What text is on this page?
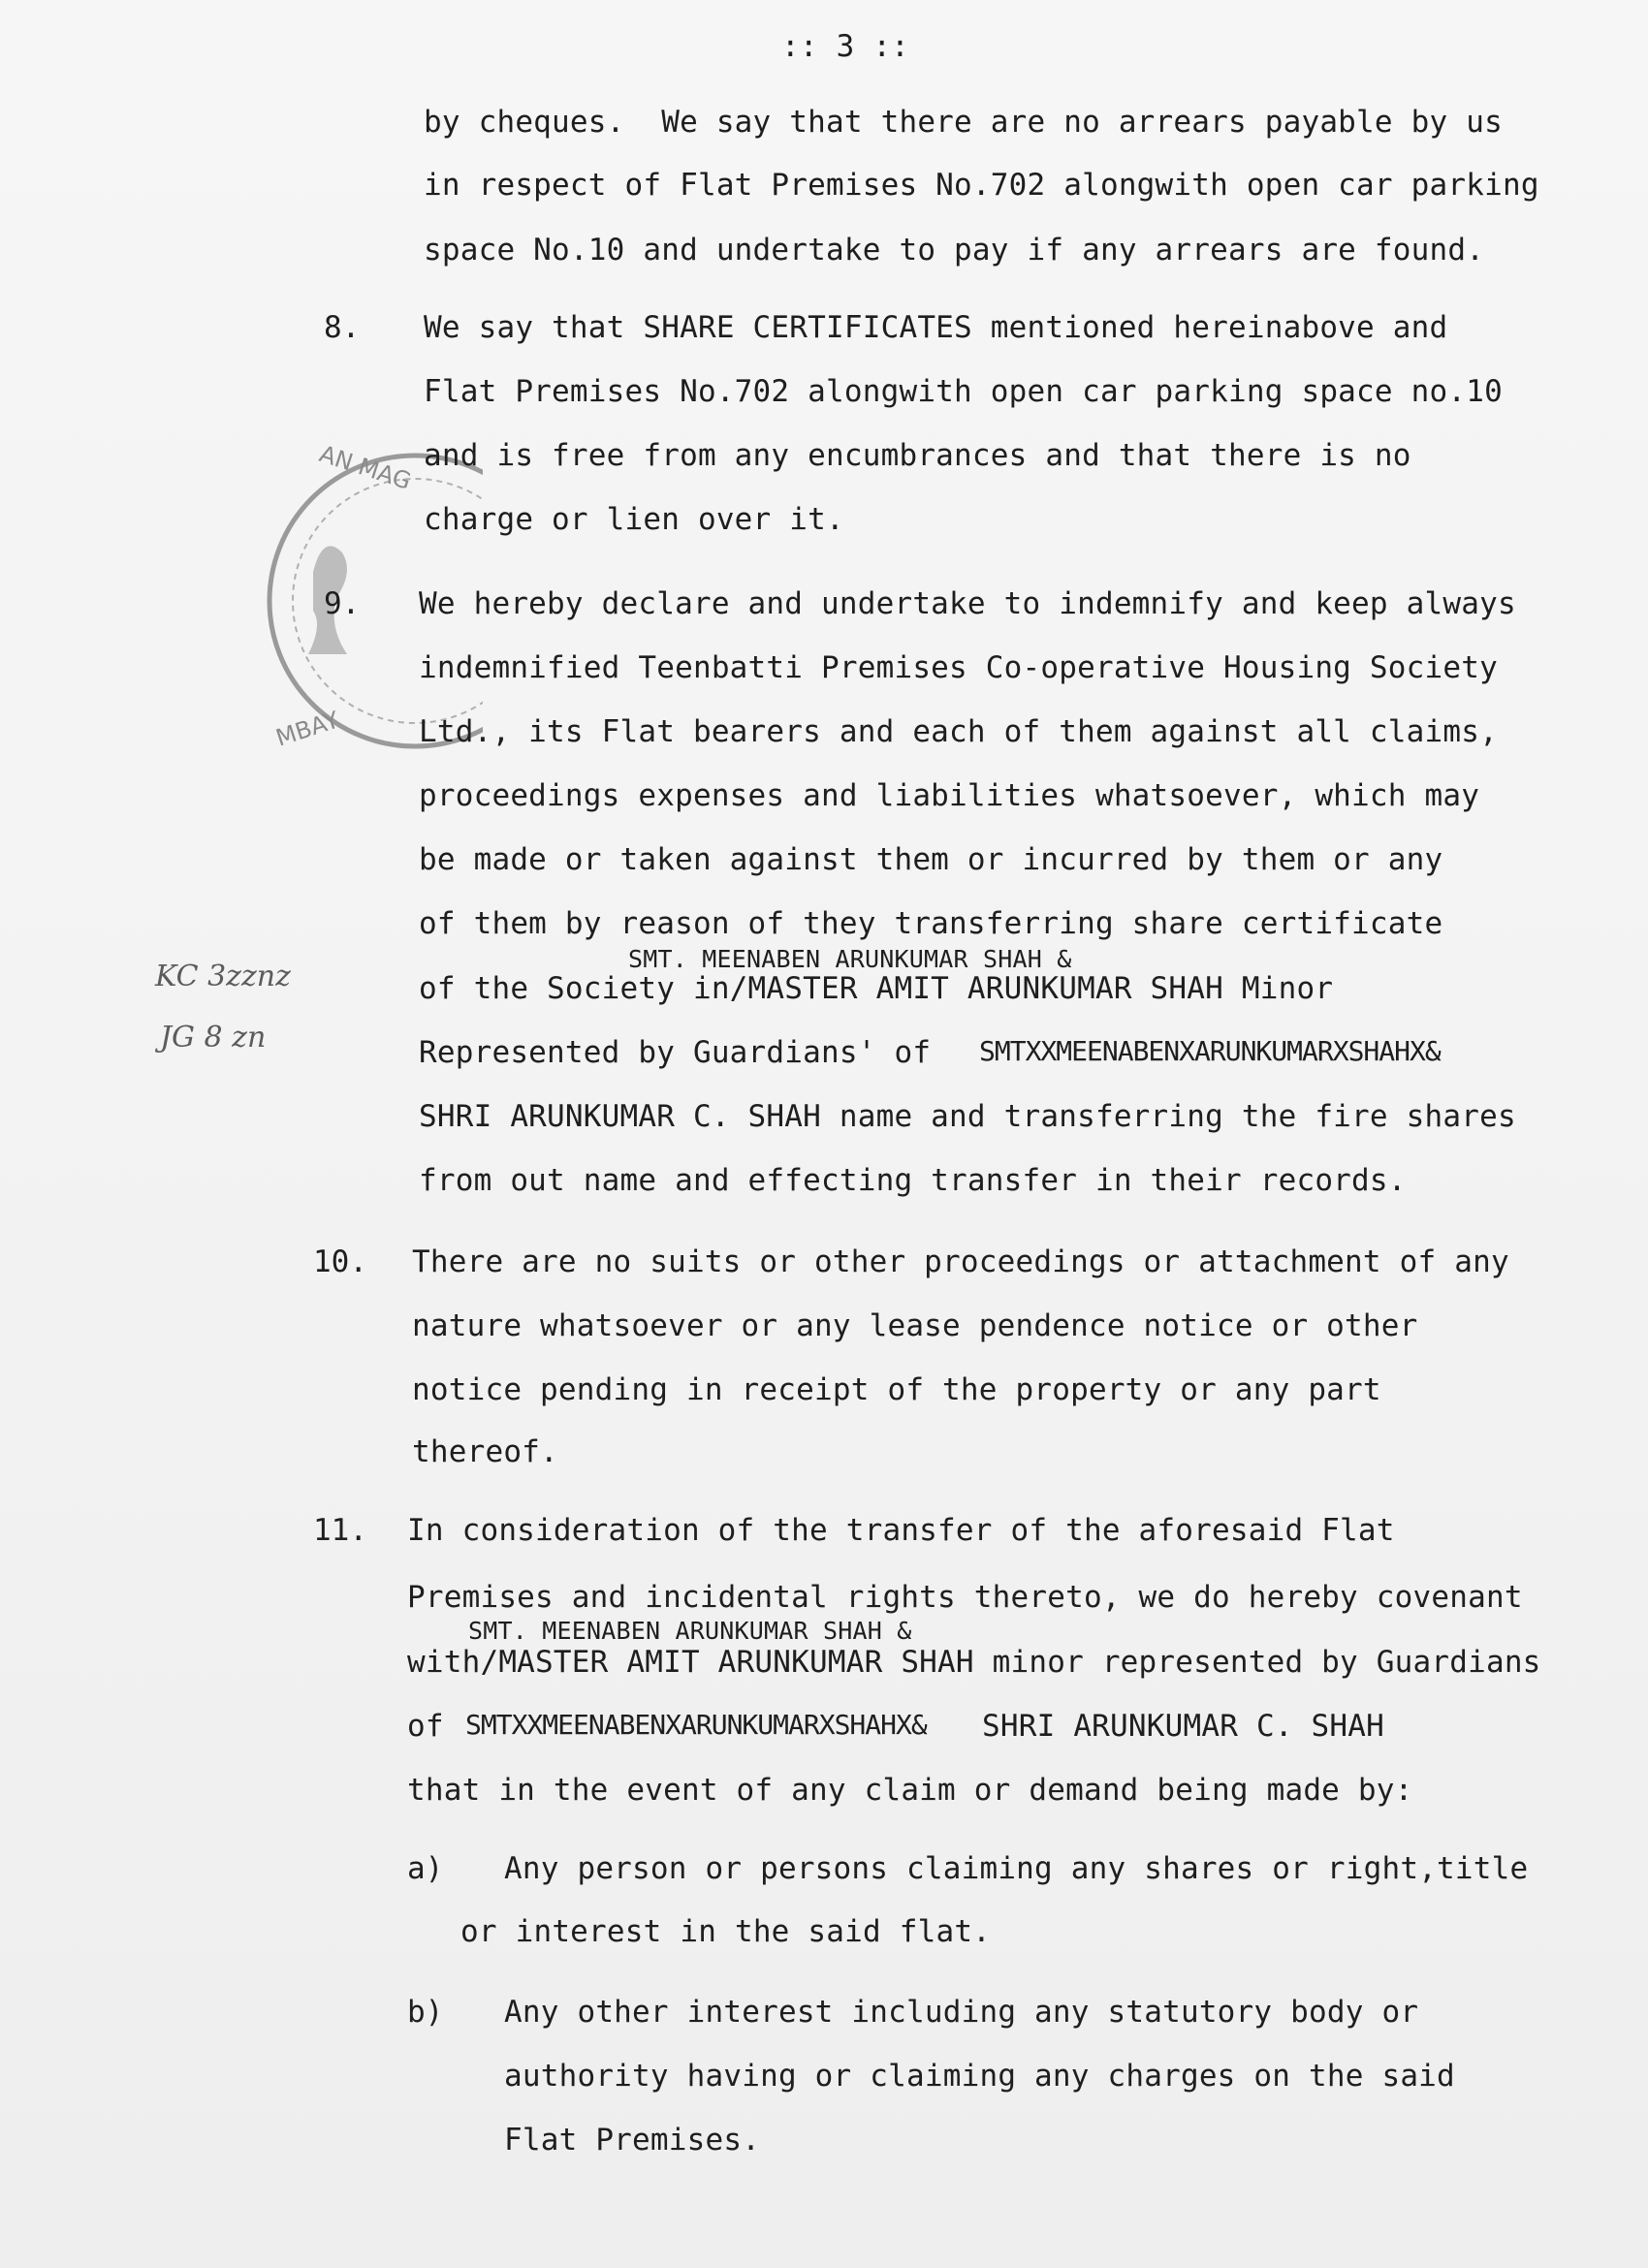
:: 3 ::
AN MAG
MBAY
by cheques.  We say that there are no arrears payable by us
in respect of Flat Premises No.702 alongwith open car parking
space No.10 and undertake to pay if any arrears are found.
8. We say that SHARE CERTIFICATES mentioned hereinabove and
Flat Premises No.702 alongwith open car parking space no.10
and is free from any encumbrances and that there is no
charge or lien over it.
9. We hereby declare and undertake to indemnify and keep always
indemnified Teenbatti Premises Co-operative Housing Society
Ltd., its Flat bearers and each of them against all claims,
proceedings expenses and liabilities whatsoever, which may
be made or taken against them or incurred by them or any
of them by reason of they transferring share certificate
SMT. MEENABEN ARUNKUMAR SHAH &
of the Society in/MASTER AMIT ARUNKUMAR SHAH Minor
Represented by Guardians' of SMTXXMEENABENXARUNKUMARXSHAHX&
SHRI ARUNKUMAR C. SHAH name and transferring the fire shares
from out name and effecting transfer in their records.
KC 3zznz
JG 8 zn
10. There are no suits or other proceedings or attachment of any
nature whatsoever or any lease pendence notice or other
notice pending in receipt of the property or any part
thereof.
11. In consideration of the transfer of the aforesaid Flat
Premises and incidental rights thereto, we do hereby covenant
SMT. MEENABEN ARUNKUMAR SHAH &
with/MASTER AMIT ARUNKUMAR SHAH minor represented by Guardians
of SMTXXMEENABENXARUNKUMARXSHAHX& SHRI ARUNKUMAR C. SHAH
that in the event of any claim or demand being made by:
a) Any person or persons claiming any shares or right,title
or interest in the said flat.
b) Any other interest including any statutory body or
authority having or claiming any charges on the said
Flat Premises.
